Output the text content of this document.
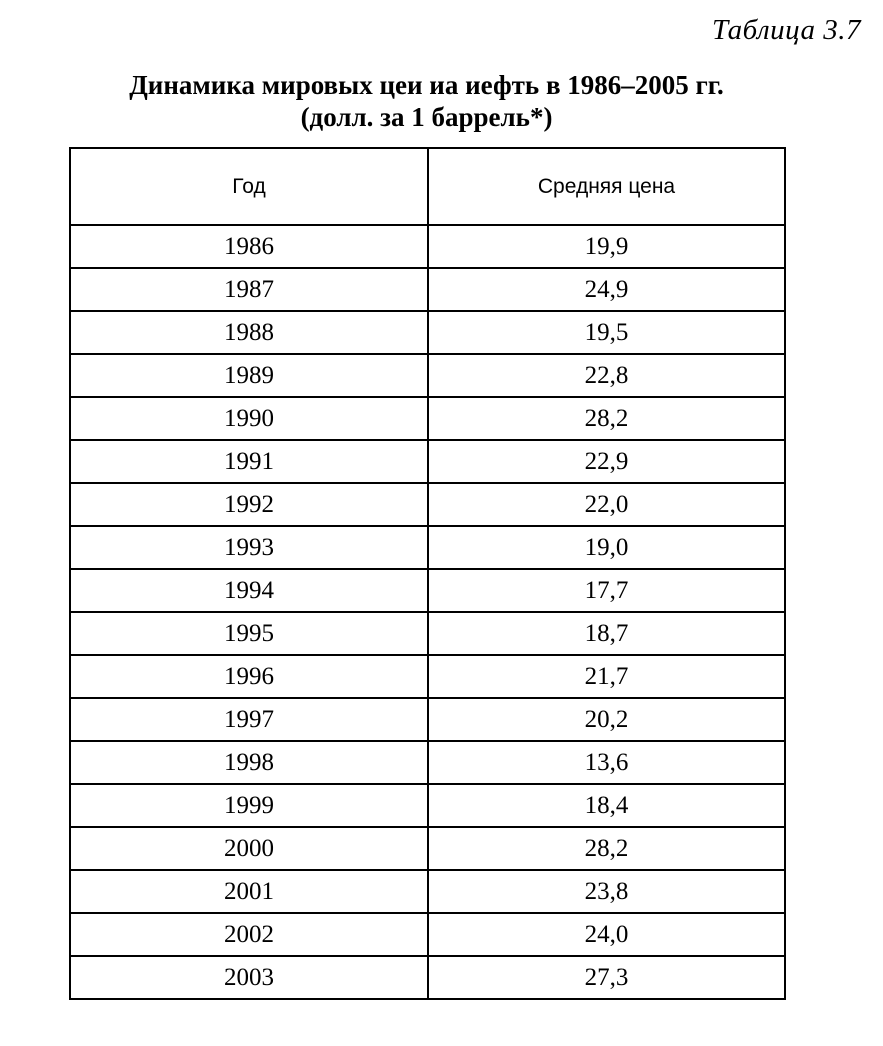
Таблица 3.7
Динамика мировых цеи иа иефть в 1986–2005 гг.
(долл. за 1 баррель*)
Год	Средняя цена
1986	19,9
1987	24,9
1988	19,5
1989	22,8
1990	28,2
1991	22,9
1992	22,0
1993	19,0
1994	17,7
1995	18,7
1996	21,7
1997	20,2
1998	13,6
1999	18,4
2000	28,2
2001	23,8
2002	24,0
2003	27,3
